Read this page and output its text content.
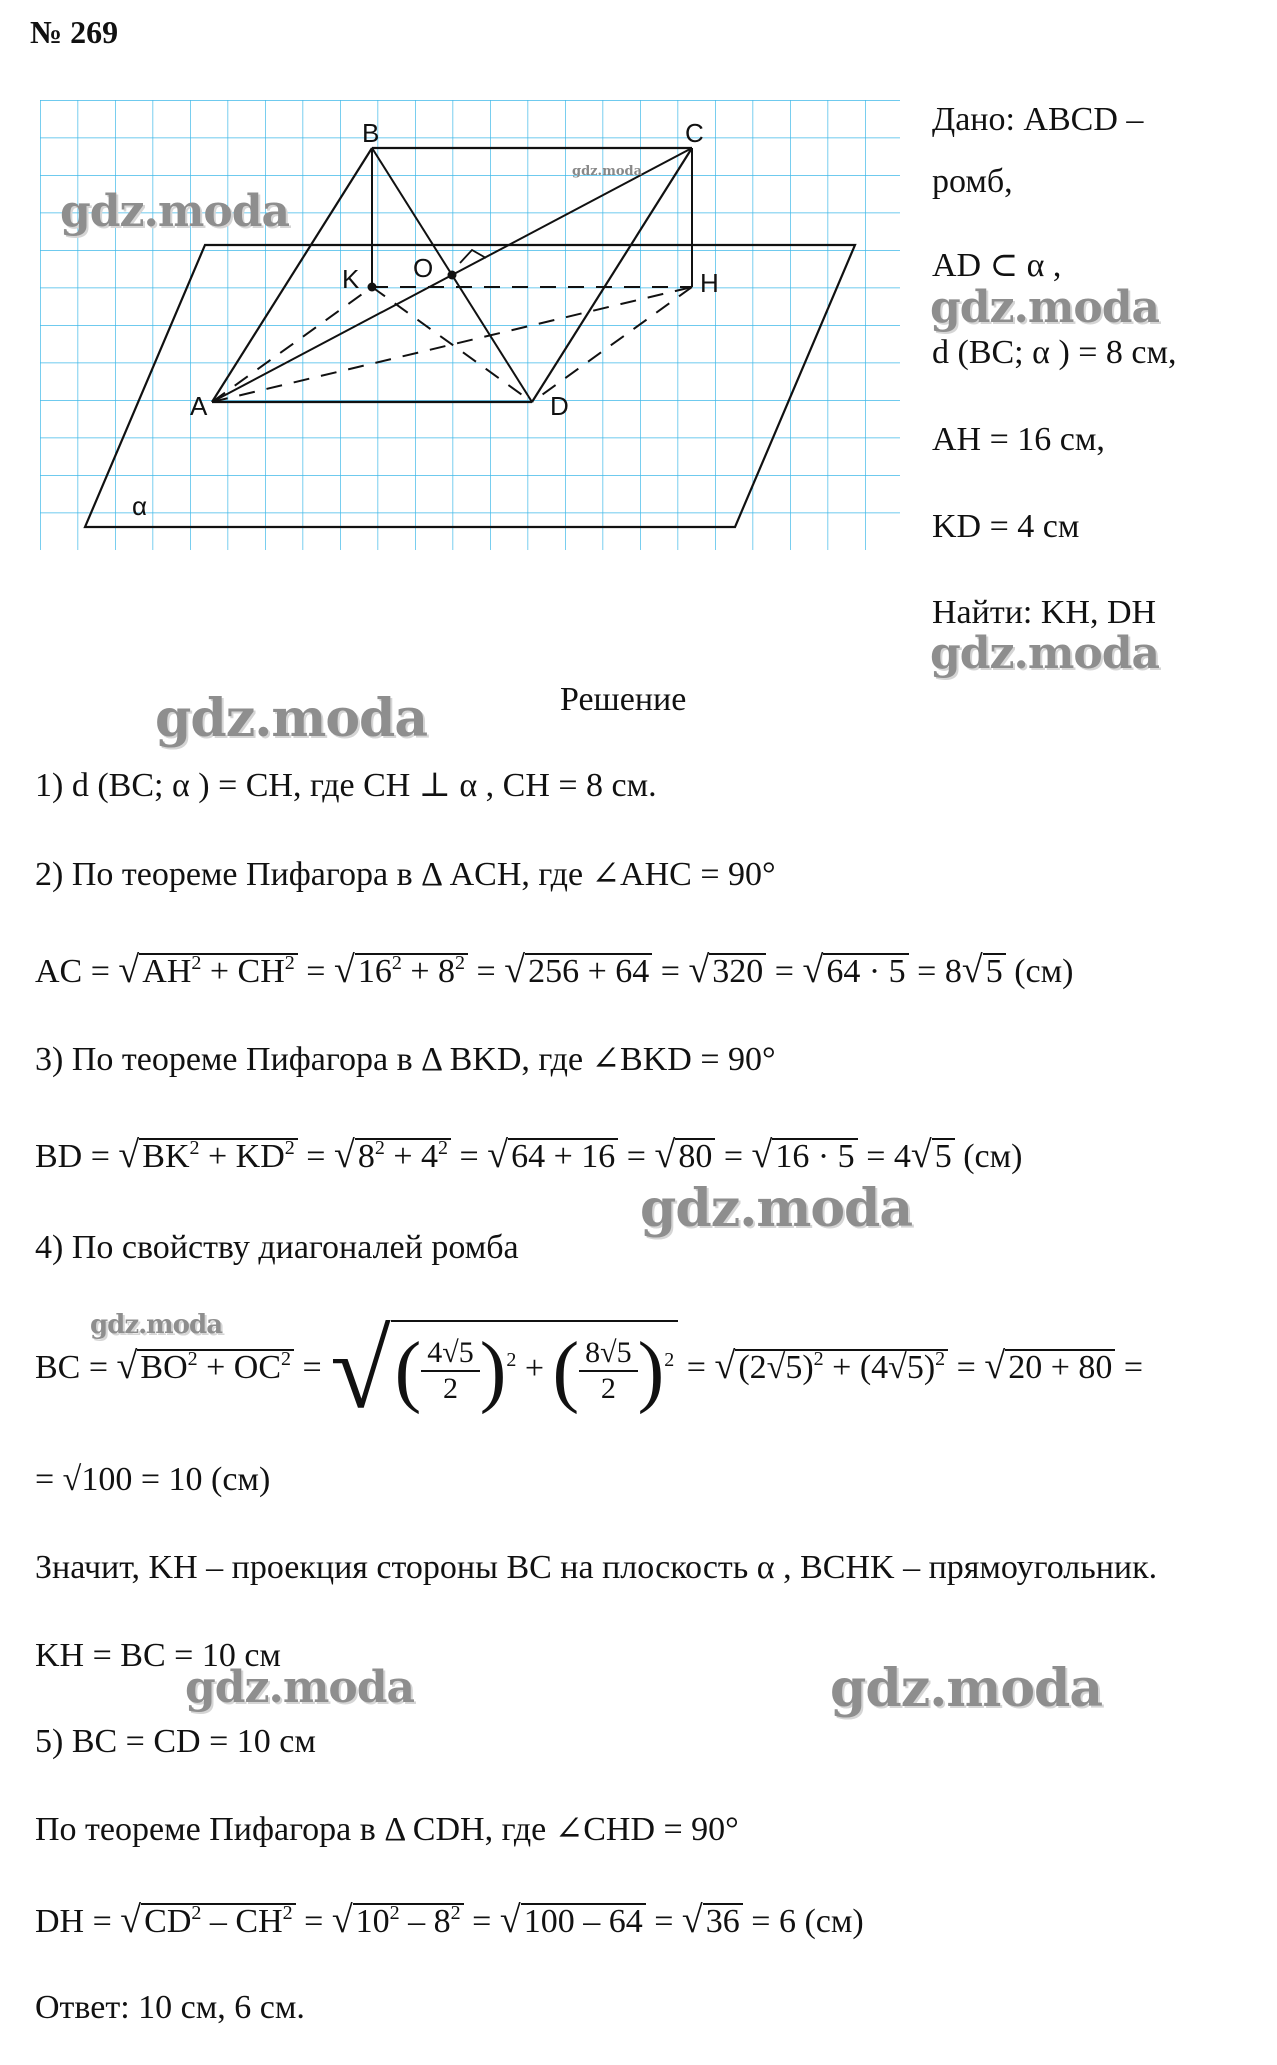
№ 269
A
B	C
D
K O	H
α
gdz.moda
Дано: ABCD –
ромб,
AD ⊂ α ,
d (BC; α ) = 8 см,
AH = 16 см,
KD = 4 см
Найти: KH, DH
Решение
1) d (BC; α ) = CH, где CH ⊥ α , CH = 8 см.
2) По теореме Пифагора в Δ ACH, где ∠AHC = 90°
AC = $√AH^2 + CH^2 = √16^2 + 8^2 = √256 + 64 = √320 = √64 \cdot 5 = 8√5$ (см)
3) По теореме Пифагора в Δ BKD, где ∠BKD = 90°
BD = $√BK^2 + KD^2 = √8^2 + 4^2 = √64 + 16 = √80 = √16 \cdot 5 = 4√5$ (см)
4) По свойству диагоналей ромба
BC = $√BO^2 + OC^2$ = √( $\frac{4√5}{2} )^2$ + ( $\frac{8√5}{2} )^2 = √(2√5)^2 + (4√5)^2 = √20 + 80$ =
= √100 = 10 (см)
Значит, KH – проекция стороны BC на плоскость α , BCHK – прямоугольник.
KH = BC = 10 см
5) BC = CD = 10 см
По теореме Пифагора в Δ CDH, где ∠CHD = 90°
DH = $√CD^2 - CH^2 = √10^2 - 8^2 = √100 - 64 = √36 = 6$ (см)
Ответ: 10 см, 6 см.
gdz.moda
gdz.moda
gdz.moda
gdz.moda
gdz.moda
gdz.moda
gdz.moda	gdz.moda
